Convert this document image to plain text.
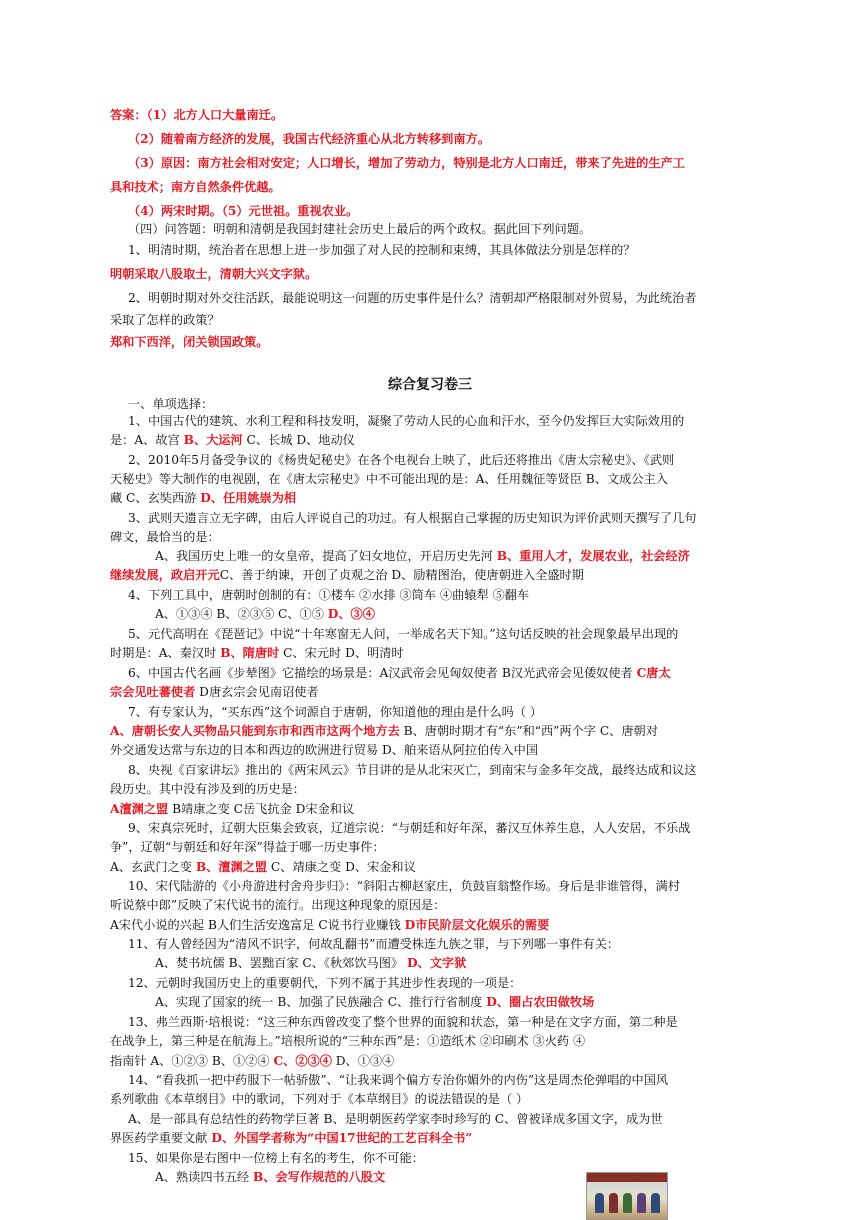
答案：（1）北方人口大量南迁。
（2）随着南方经济的发展，我国古代经济重心从北方转移到南方。
（3）原因：南方社会相对安定；人口增长，增加了劳动力，特别是北方人口南迁，带来了先进的生产工
具和技术；南方自然条件优越。
（4）两宋时期。（5）元世祖。重视农业。
（四）问答题：明朝和清朝是我国封建社会历史上最后的两个政权。据此回下列问题。
1、明清时期，统治者在思想上进一步加强了对人民的控制和束缚，其具体做法分别是怎样的？
明朝采取八股取士，清朝大兴文字狱。
2、明朝时期对外交往活跃，最能说明这一问题的历史事件是什么？清朝却严格限制对外贸易，为此统治者
采取了怎样的政策？
郑和下西洋，闭关锁国政策。
综合复习卷三
一、单项选择：
1、中国古代的建筑、水利工程和科技发明，凝聚了劳动人民的心血和汗水，至今仍发挥巨大实际效用的
是：A、故宫 B、大运河 C、长城 D、地动仪
2、2010年5月备受争议的《杨贵妃秘史》在各个电视台上映了，此后还将推出《唐太宗秘史》、《武则
天秘史》等大制作的电视剧，在《唐太宗秘史》中不可能出现的是：A、任用魏征等贤臣 B、文成公主入
藏 C、玄奘西游 D、任用姚崇为相
3、武则天遗言立无字碑，由后人评说自己的功过。有人根据自己掌握的历史知识为评价武则天撰写了几句
碑文，最恰当的是：
A、我国历史上唯一的女皇帝，提高了妇女地位，开启历史先河 B、重用人才，发展农业，社会经济
继续发展，政启开元C、善于纳谏，开创了贞观之治 D、励精图治，使唐朝进入全盛时期
4、下列工具中，唐朝时创制的有：①楼车 ②水排 ③筒车 ④曲辕犁 ⑤翻车
A、①③④ B、②③⑤ C、①⑤ D、③④
5、元代高明在《琵琶记》中说“十年寒窗无人问，一举成名天下知。”这句话反映的社会现象最早出现的
时期是：A、秦汉时 B、隋唐时 C、宋元时 D、明清时
6、中国古代名画《步辇图》它描绘的场景是：A汉武帝会见匈奴使者 B汉光武帝会见倭奴使者 C唐太
宗会见吐蕃使者 D唐玄宗会见南诏使者
7、有专家认为，“买东西”这个词源自于唐朝，你知道他的理由是什么吗（ ）
A、唐朝长安人买物品只能到东市和西市这两个地方去 B、唐朝时期才有“东”和“西”两个字 C、唐朝对
外交通发达常与东边的日本和西边的欧洲进行贸易 D、舶来语从阿拉伯传入中国
8、央视《百家讲坛》推出的《两宋风云》节目讲的是从北宋灭亡，到南宋与金多年交战，最终达成和议这
段历史。其中没有涉及到的历史是：
A澶渊之盟 B靖康之变 C岳飞抗金 D宋金和议
9、宋真宗死时，辽朝大臣集会致哀，辽道宗说：“与朝廷和好年深，蕃汉互休养生息，人人安居，不乐战
争”，辽朝“与朝廷和好年深”得益于哪一历史事件：
A、玄武门之变 B、澶渊之盟 C、靖康之变 D、宋金和议
10、宋代陆游的《小舟游进村舍舟步归》：“斜阳古柳赵家庄，负鼓盲翁整作场。身后是非谁管得，满村
听说蔡中郎”反映了宋代说书的流行。出现这种现象的原因是：
A宋代小说的兴起 B人们生活安逸富足 C说书行业赚钱 D市民阶层文化娱乐的需要
11、有人曾经因为“清风不识字，何故乱翻书”而遭受株连九族之罪，与下列哪一事件有关：
A、焚书坑儒 B、罢黜百家 C、《秋郊饮马图》 D、文字狱
12、元朝时我国历史上的重要朝代，下列不属于其进步性表现的一项是：
A、实现了国家的统一 B、加强了民族融合 C、推行行省制度 D、圈占农田做牧场
13、弗兰西斯·培根说：“这三种东西曾改变了整个世界的面貌和状态，第一种是在文字方面，第二种是
在战争上，第三种是在航海上。”培根所说的“三种东西”是：①造纸术 ②印刷术 ③火药 ④
指南针 A、①②③ B、①②④ C、②③④ D、①③④
14、“看我抓一把中药服下一帖骄傲”、“让我来调个偏方专治你媚外的内伤”这是周杰伦弹唱的中国风
系列歌曲《本草纲目》中的歌词，下列对于《本草纲目》的说法错误的是（ ）
A、是一部具有总结性的药物学巨著 B、是明朝医药学家李时珍写的 C、曾被译成多国文字，成为世
界医药学重要文献 D、外国学者称为“中国17世纪的工艺百科全书”
15、如果你是右图中一位榜上有名的考生，你不可能：
A、熟读四书五经 B、会写作规范的八股文
